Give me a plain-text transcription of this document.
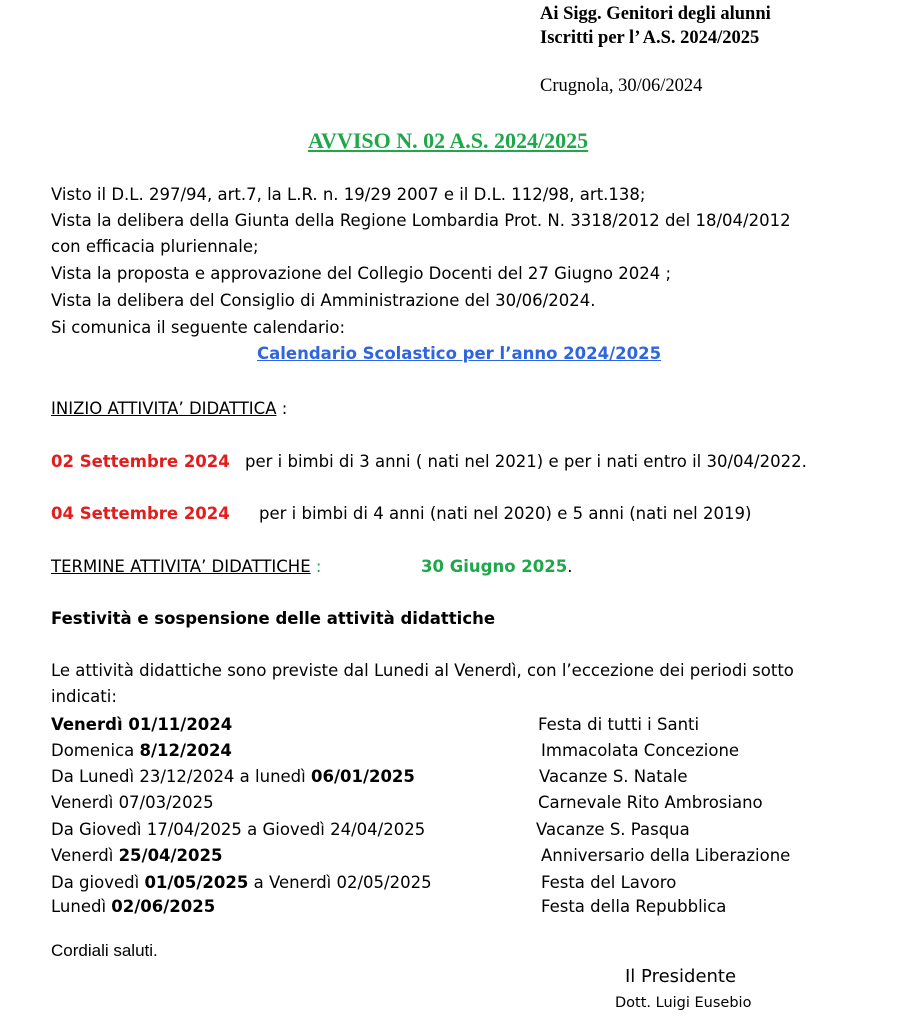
Ai Sigg. Genitori degli alunni
Iscritti per l’ A.S. 2024/2025
Crugnola, 30/06/2024
AVVISO N. 02 A.S. 2024/2025
Visto il D.L. 297/94, art.7, la L.R. n. 19/29 2007 e il D.L. 112/98, art.138;
Vista la delibera della Giunta della Regione Lombardia Prot. N. 3318/2012 del 18/04/2012
con efficacia pluriennale;
Vista la proposta e approvazione del Collegio Docenti del 27 Giugno 2024 ;
Vista la delibera del Consiglio di Amministrazione del 30/06/2024.
Si comunica il seguente calendario:
Calendario Scolastico per l’anno 2024/2025
INIZIO ATTIVITA’ DIDATTICA :
02 Settembre 2024 per i bimbi di 3 anni ( nati nel 2021) e per i nati entro il 30/04/2022.
04 Settembre 2024 per i bimbi di 4 anni (nati nel 2020) e 5 anni (nati nel 2019)
TERMINE ATTIVITA’ DIDATTICHE :	30 Giugno 2025.
Festività e sospensione delle attività didattiche
Le attività didattiche sono previste dal Lunedi al Venerdì, con l’eccezione dei periodi sotto
indicati:
Venerdì 01/11/2024	Festa di tutti i Santi
Domenica 8/12/2024	Immacolata Concezione
Da Lunedì 23/12/2024 a lunedì 06/01/2025	Vacanze S. Natale
Venerdì 07/03/2025	Carnevale Rito Ambrosiano
Da Giovedì 17/04/2025 a Giovedì 24/04/2025	Vacanze S. Pasqua
Venerdì 25/04/2025	Anniversario della Liberazione
Da giovedì 01/05/2025 a Venerdì 02/05/2025	Festa del Lavoro
Lunedì 02/06/2025	Festa della Repubblica
Cordiali saluti.
Il Presidente
Dott. Luigi Eusebio
